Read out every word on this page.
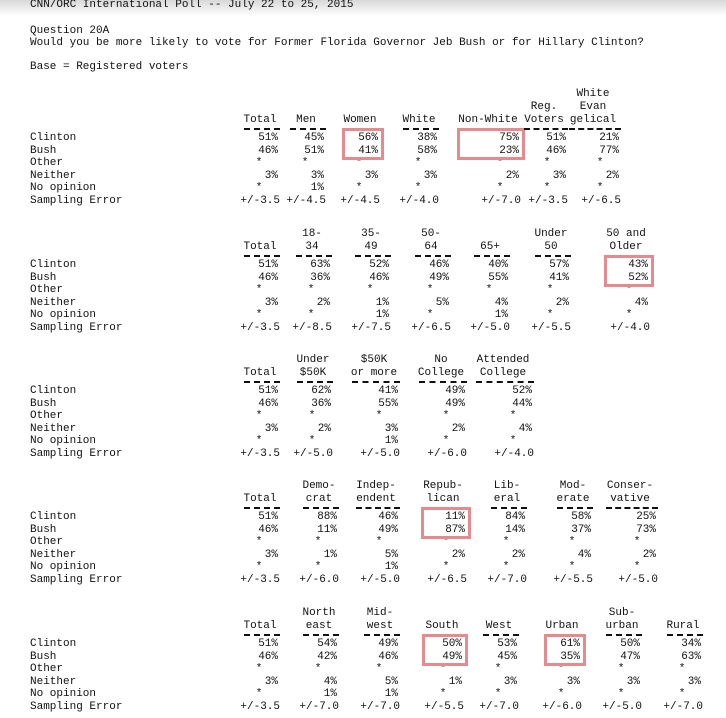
CNN/ORC International Poll -- July 22 to 25, 2015
Question 20A
Would you be more likely to vote for Former Florida Governor Jeb Bush or for Hillary Clinton?
Base = Registered voters
Clinton
Bush
Other
Neither
No opinion
Sampling Error
Total
51%
46%
*
3%
*
+/-3.5
Men
45%
51%
*
3%
1%
+/-4.5
Women
56%
41%
*
3%
*
+/-4.5
White
38%
58%
*
3%
*
+/-4.0
Non-White
75%
23%
*
2%
*
+/-7.0
Reg.
Voters
51%
46%
*
3%
*
+/-3.5
White
Evan
gelical
21%
77%
*
2%
*
+/-6.5
Clinton
Bush
Other
Neither
No opinion
Sampling Error
Total
51%
46%
*
3%
*
+/-3.5
18-
34
63%
36%
*
2%
*
+/-8.5
35-
49
52%
46%
*
1%
1%
+/-7.5
50-
64
46%
49%
*
5%
*
+/-6.5
65+
40%
55%
*
4%
1%
+/-5.0
Under
50
57%
41%
*
2%
*
+/-5.5
50 and
Older
43%
52%
*
4%
*
+/-4.0
Clinton
Bush
Other
Neither
No opinion
Sampling Error
Total
51%
46%
*
3%
*
+/-3.5
Under
$50K
62%
36%
*
2%
*
+/-5.0
$50K
or more
41%
55%
*
3%
1%
+/-5.0
No
College
49%
49%
*
2%
*
+/-6.0
Attended
College
52%
44%
*
4%
*
+/-4.0
Clinton
Bush
Other
Neither
No opinion
Sampling Error
Total
51%
46%
*
3%
*
+/-3.5
Demo-
crat
88%
11%
*
1%
*
+/-6.0
Indep-
endent
46%
49%
*
5%
1%
+/-5.0
Repub-
lican
11%
87%
*
2%
*
+/-6.5
Lib-
eral
84%
14%
*
2%
*
+/-7.0
Mod-
erate
58%
37%
*
4%
*
+/-5.5
Conser-
vative
25%
73%
*
2%
*
+/-5.0
Clinton
Bush
Other
Neither
No opinion
Sampling Error
Total
51%
46%
*
3%
*
+/-3.5
North
east
54%
42%
*
4%
1%
+/-7.0
Mid-
west
49%
46%
*
5%
1%
+/-7.0
South
50%
49%
*
1%
*
+/-5.5
West
53%
45%
*
3%
*
+/-7.0
Urban
61%
35%
*
3%
*
+/-6.0
Sub-
urban
50%
47%
*
3%
*
+/-5.0
Rural
34%
63%
*
3%
*
+/-7.0
